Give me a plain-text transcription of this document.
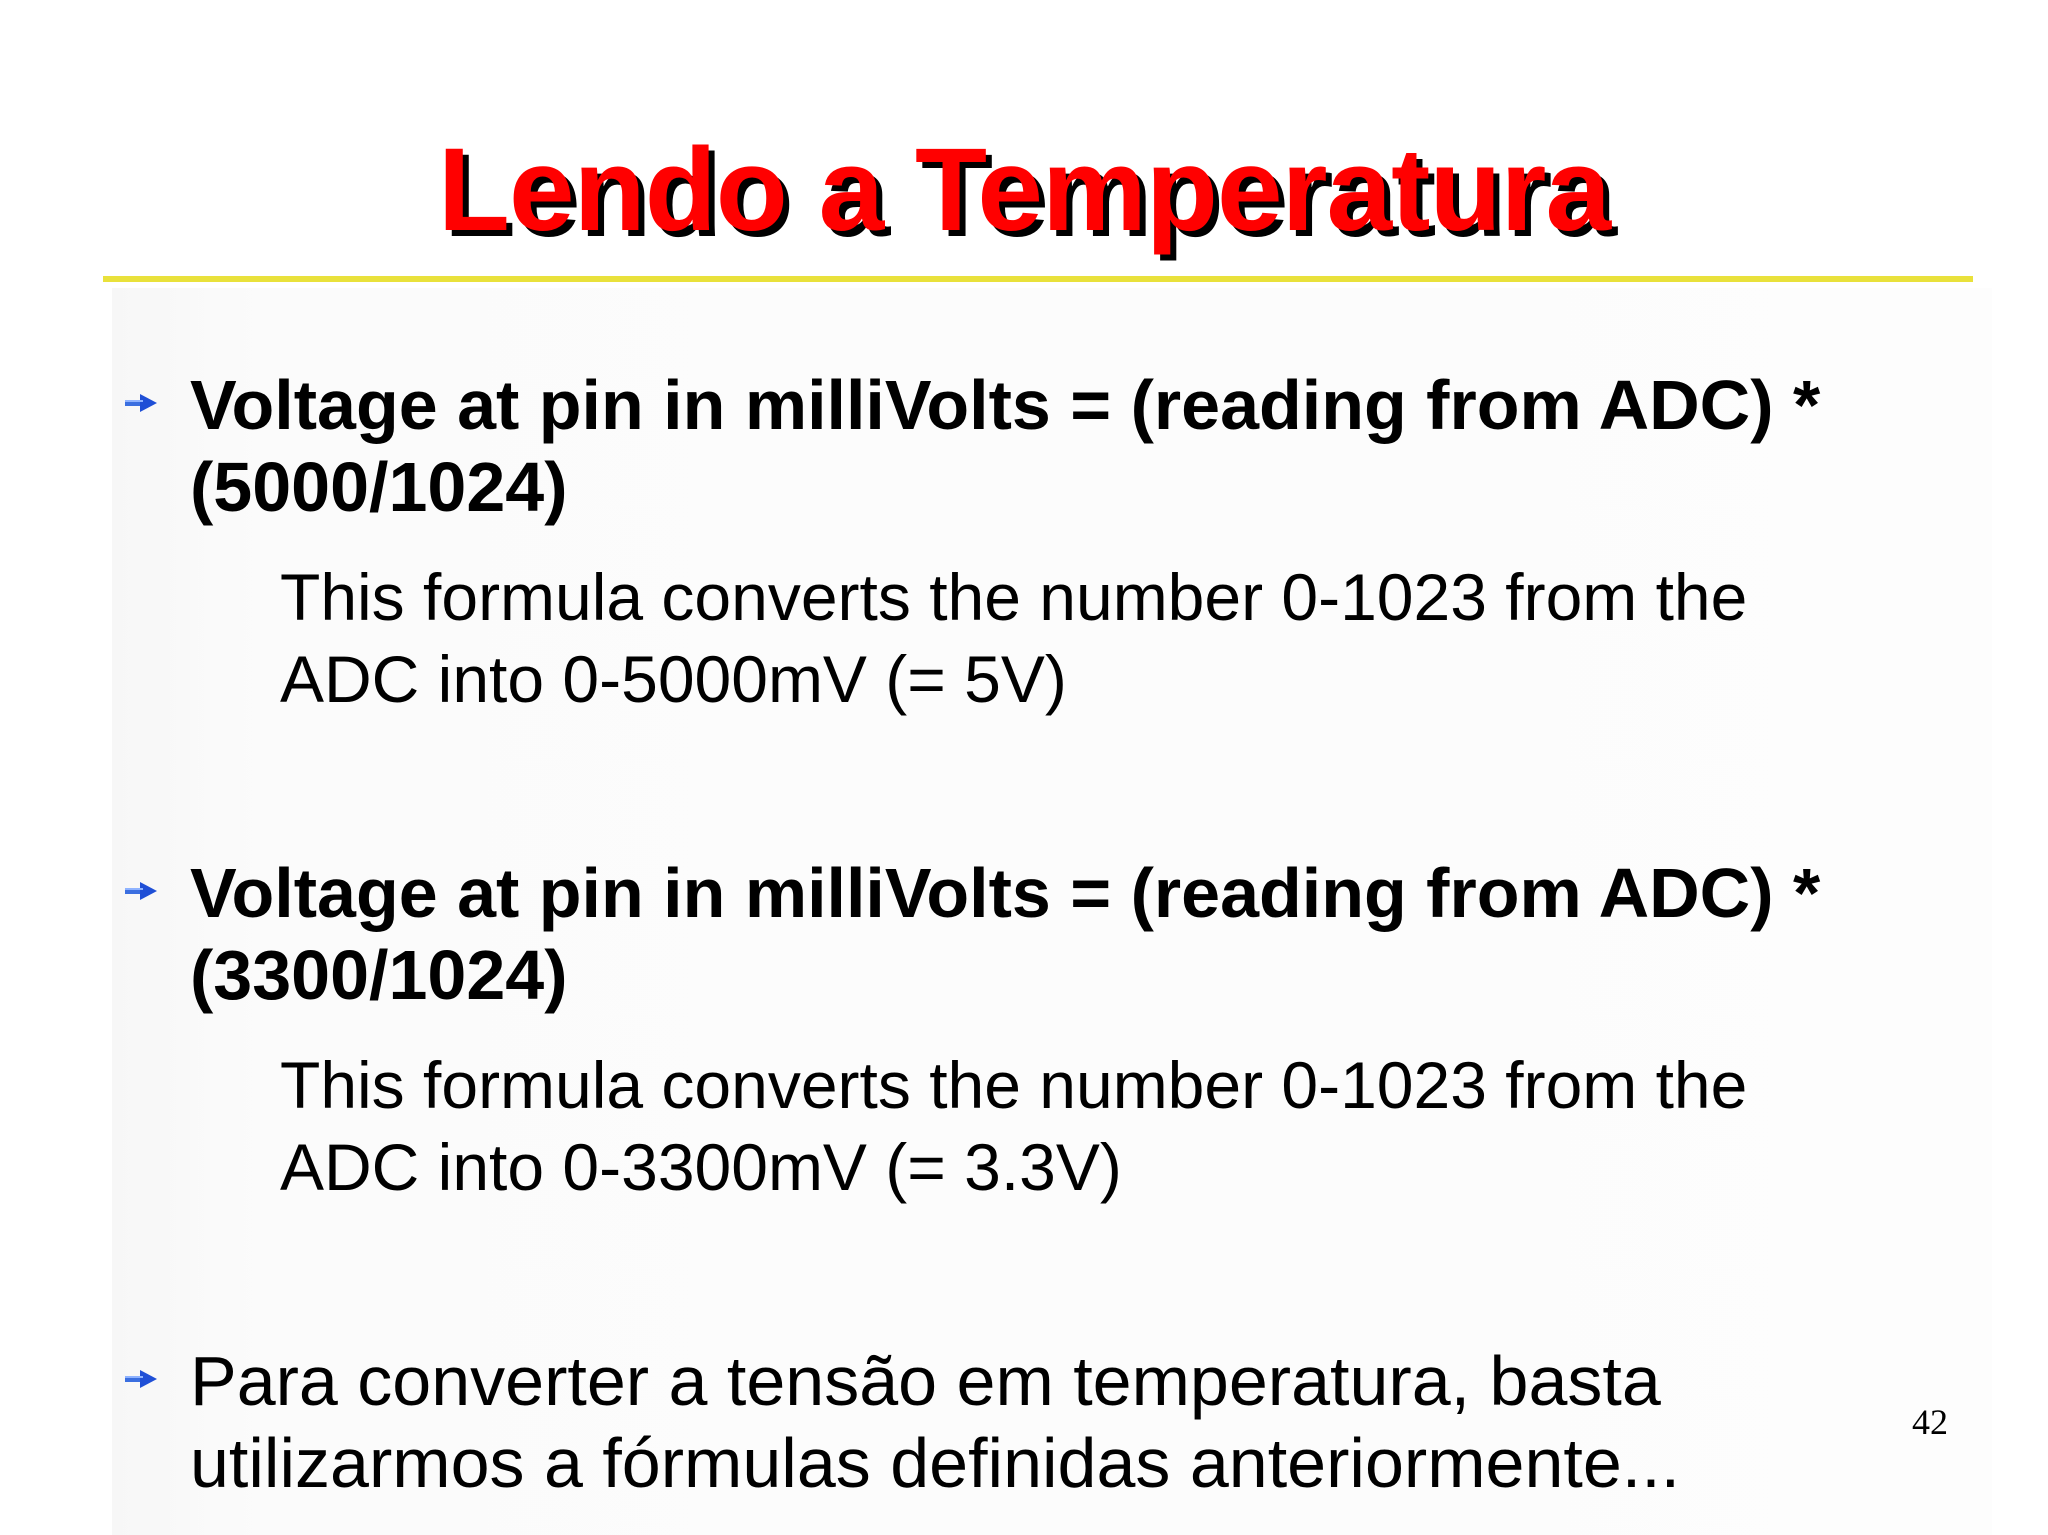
Lendo a Temperatura
Voltage at pin in milliVolts = (reading from ADC) *
(5000/1024)
This formula converts the number 0-1023 from the
ADC into 0-5000mV (= 5V)
Voltage at pin in milliVolts = (reading from ADC) *
(3300/1024)
This formula converts the number 0-1023 from the
ADC into 0-3300mV (= 3.3V)
Para converter a tensão em temperatura, basta
utilizarmos a fórmulas definidas anteriormente...
42
